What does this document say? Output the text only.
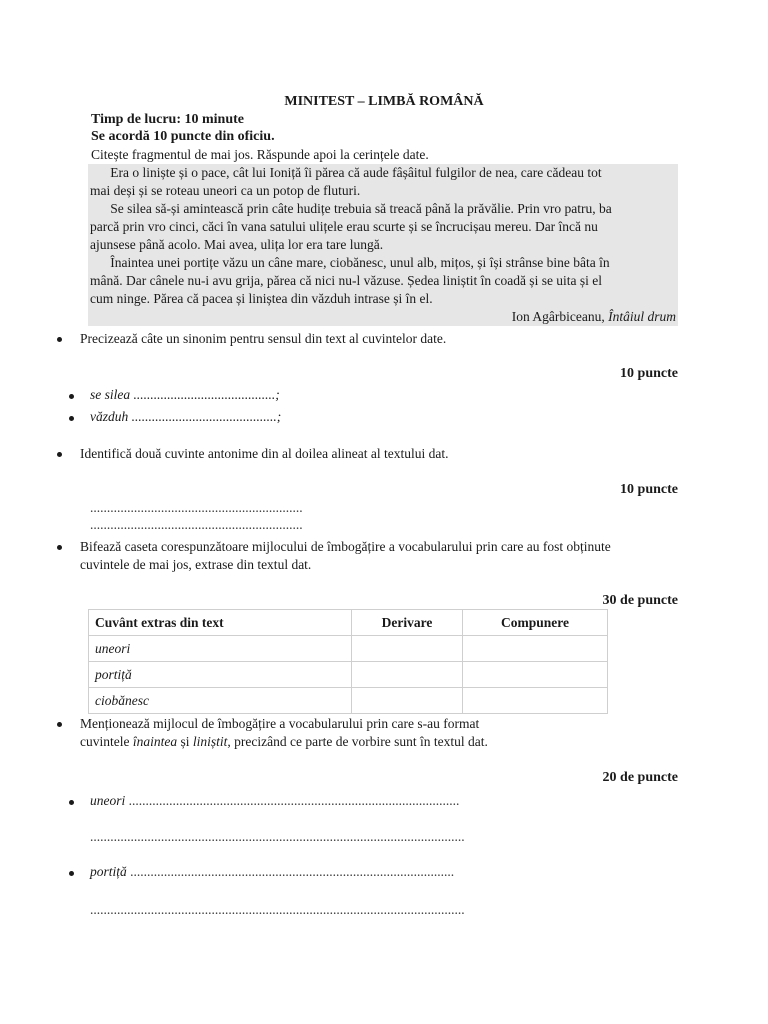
MINITEST – LIMBĂ ROMÂNĂ
Timp de lucru: 10 minute
Se acordă 10 puncte din oficiu.
Citește fragmentul de mai jos. Răspunde apoi la cerințele date.
Era o liniște și o pace, cât lui Ioniță îi părea că aude fâșâitul fulgilor de nea, care cădeau tot
mai deși și se roteau uneori ca un potop de fluturi.
Se silea să-și amintească prin câte hudițe trebuia să treacă până la prăvălie. Prin vro patru, ba
parcă prin vro cinci, căci în vana satului ulițele erau scurte și se încrucișau mereu. Dar încă nu
ajunsese până acolo. Mai avea, ulița lor era tare lungă.
Înaintea unei portițe văzu un câne mare, ciobănesc, unul alb, mițos, și își strânse bine bâta în
mână. Dar cânele nu-i avu grija, părea că nici nu-l văzuse. Ședea liniștit în coadă și se uita și el
cum ninge. Părea că pacea și liniștea din văzduh intrase și în el.
Ion Agârbiceanu, Întâiul drum
Precizează câte un sinonim pentru sensul din text al cuvintelor date.
10 puncte
se silea ..........................................;
văzduh ...........................................;
Identifică două cuvinte antonime din al doilea alineat al textului dat.
10 puncte
...............................................................
...............................................................
Bifează caseta corespunzătoare mijlocului de îmbogățire a vocabularului prin care au fost obținute
cuvintele de mai jos, extrase din textul dat.
30 de puncte
Cuvânt extras din text	Derivare	Compunere
uneori		
portiță		
ciobănesc		
Menționează mijlocul de îmbogățire a vocabularului prin care s-au format
cuvintele înaintea și liniștit, precizând ce parte de vorbire sunt în textul dat.
20 de puncte
uneori ..................................................................................................
...............................................................................................................
portiță ................................................................................................
...............................................................................................................
